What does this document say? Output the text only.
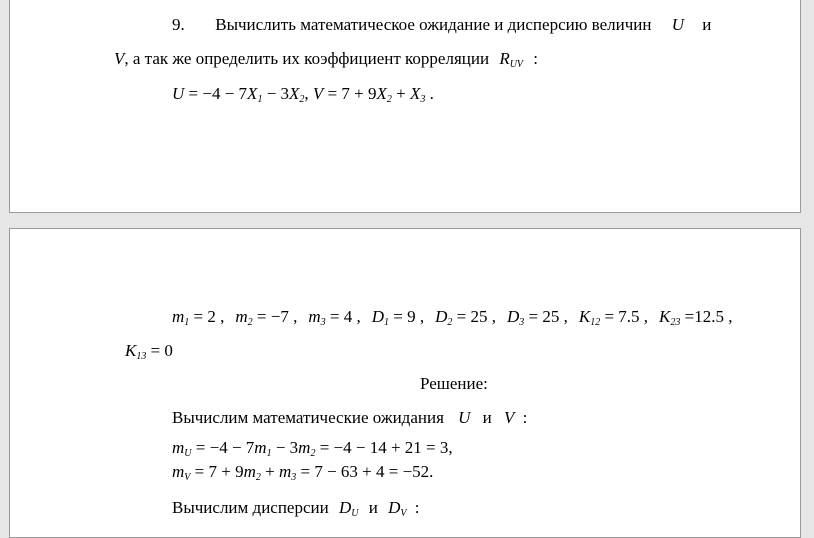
9. Вычислить математическое ожидание и дисперсию величин U и
V, а так же определить их коэффициент корреляции $R_{UV}$ :
$U = -4 - 7X_1 - 3X_2$, $V = 7 + 9X_2 + X_3$ .
$m_1 = 2$ , $m_2 = -7$ , $m_3 = 4$ , $D_1 = 9$ , $D_2 = 25$ , $D_3 = 25$ , $K_{12} = 7.5$ , $K_{23} =12.5$ ,
$K_{13} = 0$
Решение:
Вычислим математические ожидания U и V :
$m_U = -4 - 7m_1 - 3m_2 = -4 - 14 + 21 = 3$,
$m_V = 7 + 9m_2 + m_3 = 7 - 63 + 4 = -52$.
Вычислим дисперсии $D_U$ и $D_V$ :
